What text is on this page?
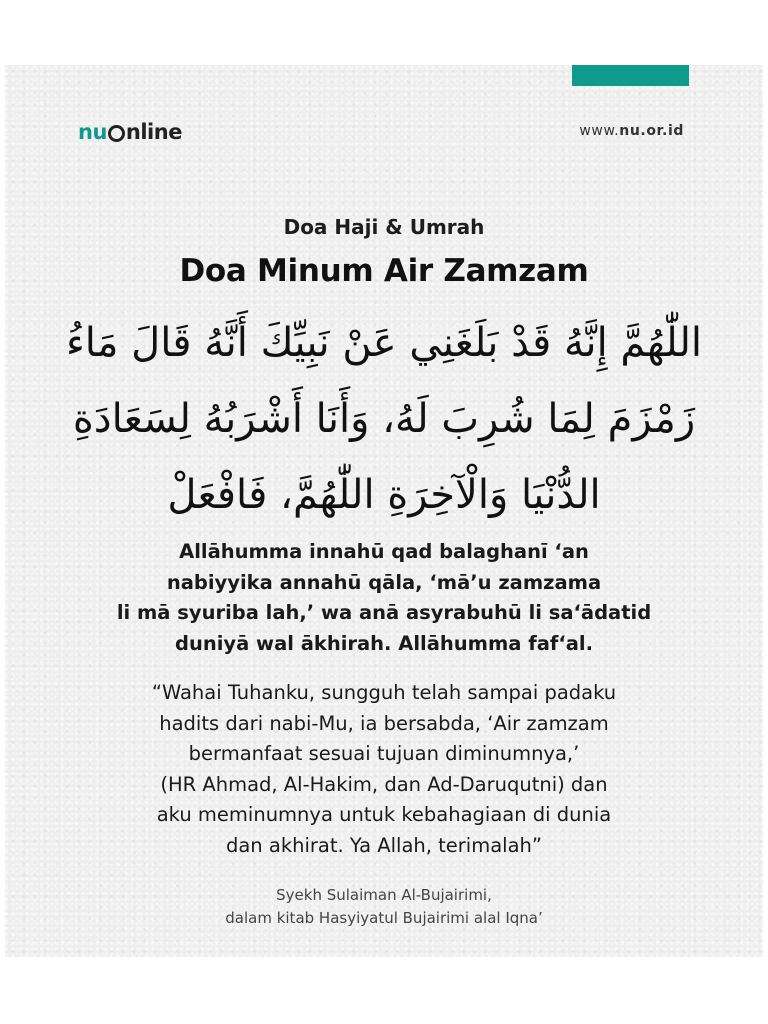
nu nline	www.nu.or.id
Doa Haji & Umrah
Doa Minum Air Zamzam
اللّٰهُمَّ إِنَّهُ قَدْ بَلَغَنِي عَنْ نَبِيِّكَ أَنَّهُ قَالَ مَاءُ
زَمْزَمَ لِمَا شُرِبَ لَهُ، وَأَنَا أَشْرَبُهُ لِسَعَادَةِ
الدُّنْيَا وَالْآخِرَةِ اللّٰهُمَّ، فَافْعَلْ
Allāhumma innahū qad balaghanī ‘an
nabiyyika annahū qāla, ‘mā’u zamzama
li mā syuriba lah,’ wa anā asyrabuhū li sa‘ādatid
duniyā wal ākhirah. Allāhumma faf‘al.
“Wahai Tuhanku, sungguh telah sampai padaku
hadits dari nabi-Mu, ia bersabda, ‘Air zamzam
bermanfaat sesuai tujuan diminumnya,’
(HR Ahmad, Al-Hakim, dan Ad-Daruqutni) dan
aku meminumnya untuk kebahagiaan di dunia
dan akhirat. Ya Allah, terimalah”
Syekh Sulaiman Al-Bujairimi,
dalam kitab Hasyiyatul Bujairimi alal Iqna’
